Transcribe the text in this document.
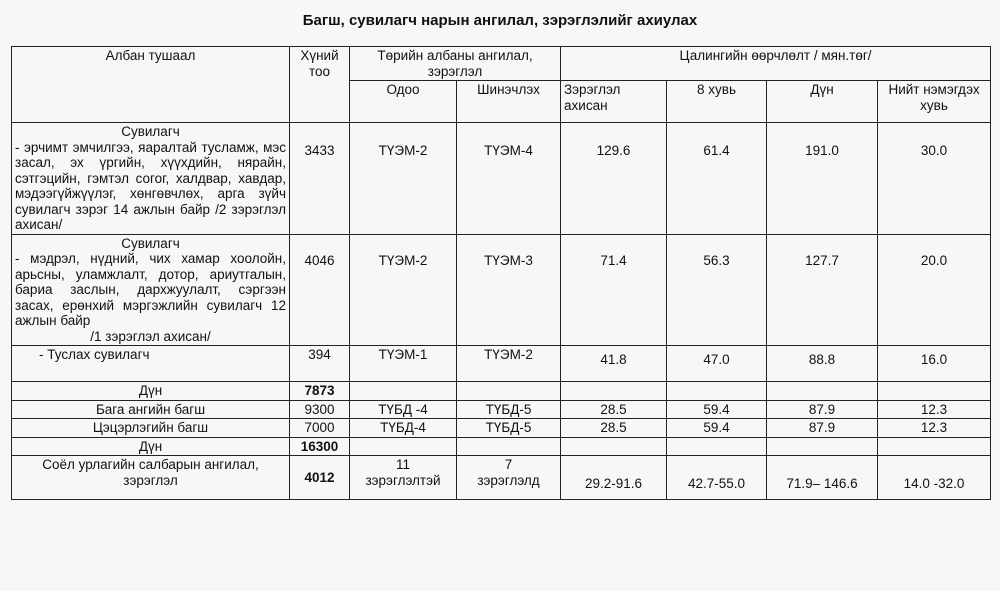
Багш, сувилагч нарын ангилал, зэрэглэлийг ахиулах
Албан тушаал	Хүний тоо	Төрийн албаны ангилал, зэрэглэл		Цалингийн өөрчлөлт / мян.төг/			
		Одоо	Шинэчлэх	Зэрэглэл ахисан	8 хувь	Дүн	Нийт нэмэгдэх хувь

Сувилагч
- эрчимт эмчилгээ, яаралтай тусламж, мэс засал, эх үргийн, хүүхдийн, нярайн, сэтгэцийн, гэмтэл согог, халдвар, хавдар, мэдээгүйжүүлэг, хөнгөвчлөх, арга зүйч сувилагч зэрэг 14 ажлын байр /2 зэрэглэл ахисан/	3433	ТҮЭМ-2	ТҮЭМ-4	129.6	61.4	191.0	30.0

Сувилагч
- мэдрэл, нүдний, чих хамар хоолойн, арьсны, уламжлалт, дотор, ариутгалын, бариа заслын, дархжуулалт, сэргээн засах, ерөнхий мэргэжлийн сувилагч 12 ажлын байр
/1 зэрэглэл ахисан/	4046	ТҮЭМ-2	ТҮЭМ-3	71.4	56.3	127.7	20.0

- Туслах сувилагч	394	ТҮЭМ-1	ТҮЭМ-2	41.8	47.0	88.8	16.0
Дүн	7873						
Бага ангийн багш	9300	ТҮБД -4	ТҮБД-5	28.5	59.4	87.9	12.3
Цэцэрлэгийн багш	7000	ТҮБД-4	ТҮБД-5	28.5	59.4	87.9	12.3
Дүн	16300						
Соёл урлагийн салбарын ангилал, зэрэглэл	4012	11
зэрэглэлтэй	7
зэрэглэлд	29.2-91.6	42.7-55.0	71.9– 146.6	14.0 -32.0
